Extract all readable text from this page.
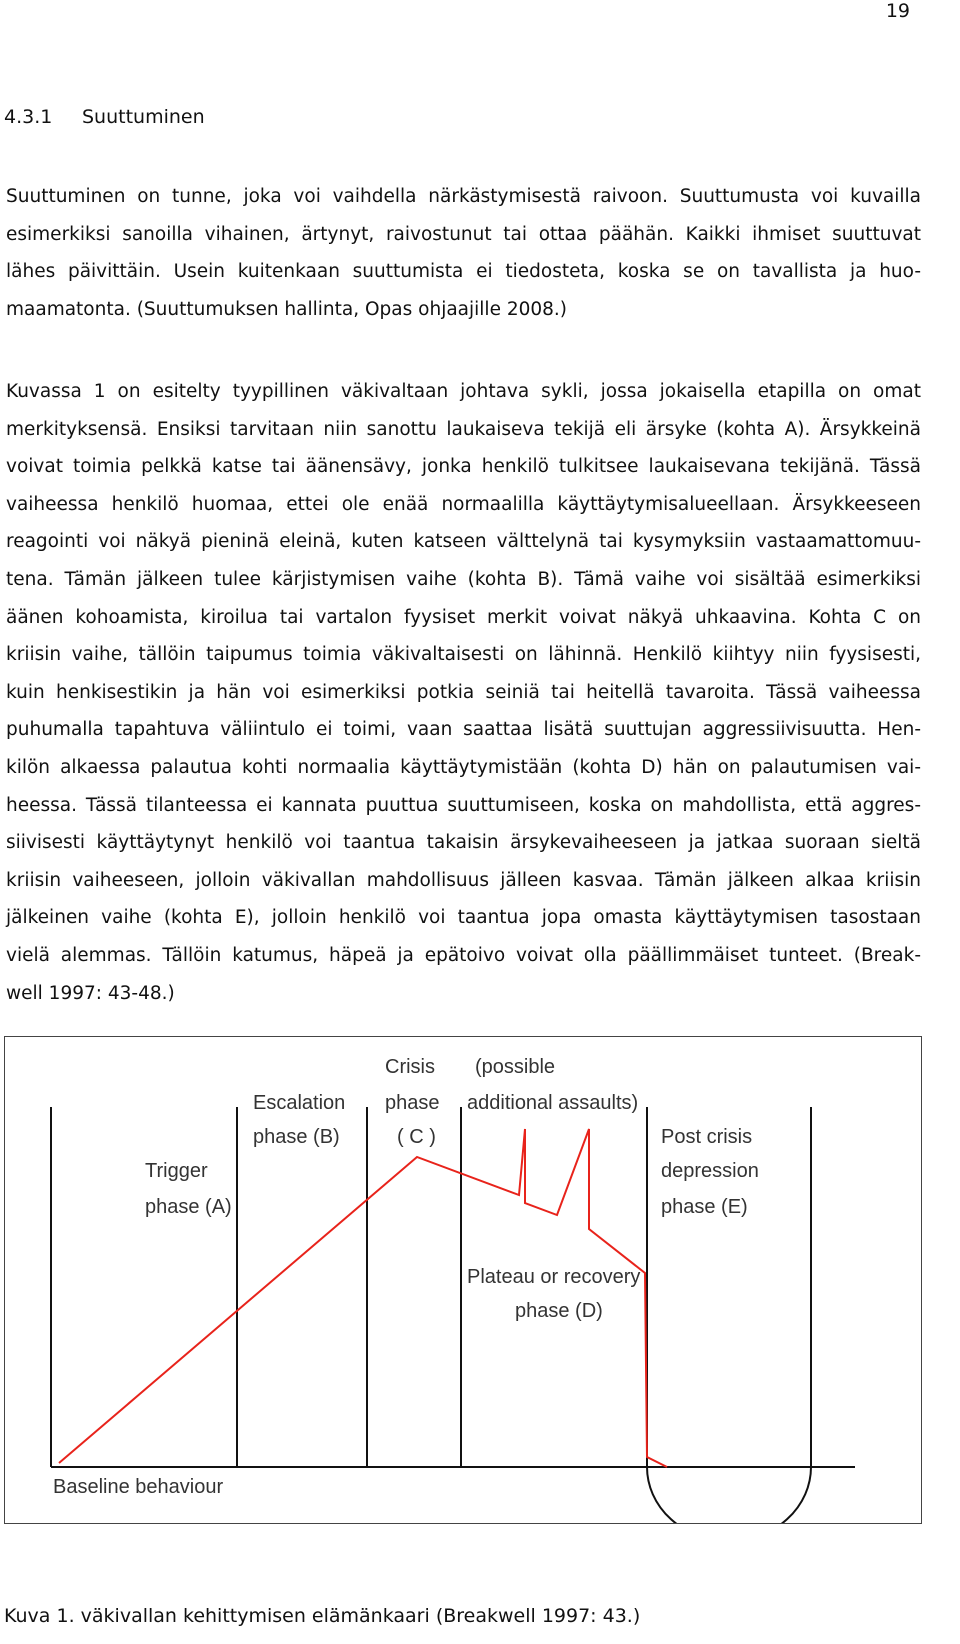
19
4.3.1 Suuttuminen
Suuttuminen on tunne, joka voi vaihdella närkästymisestä raivoon. Suuttumusta voi kuvailla
esimerkiksi sanoilla vihainen, ärtynyt, raivostunut tai ottaa päähän. Kaikki ihmiset suuttuvat
lähes päivittäin. Usein kuitenkaan suuttumista ei tiedosteta, koska se on tavallista ja huo-
maamatonta. (Suuttumuksen hallinta, Opas ohjaajille 2008.)
Kuvassa 1 on esitelty tyypillinen väkivaltaan johtava sykli, jossa jokaisella etapilla on omat
merkityksensä. Ensiksi tarvitaan niin sanottu laukaiseva tekijä eli ärsyke (kohta A). Ärsykkeinä
voivat toimia pelkkä katse tai äänensävy, jonka henkilö tulkitsee laukaisevana tekijänä. Tässä
vaiheessa henkilö huomaa, ettei ole enää normaalilla käyttäytymisalueellaan. Ärsykkeeseen
reagointi voi näkyä pieninä eleinä, kuten katseen välttelynä tai kysymyksiin vastaamattomuu-
tena. Tämän jälkeen tulee kärjistymisen vaihe (kohta B). Tämä vaihe voi sisältää esimerkiksi
äänen kohoamista, kiroilua tai vartalon fyysiset merkit voivat näkyä uhkaavina. Kohta C on
kriisin vaihe, tällöin taipumus toimia väkivaltaisesti on lähinnä. Henkilö kiihtyy niin fyysisesti,
kuin henkisestikin ja hän voi esimerkiksi potkia seiniä tai heitellä tavaroita. Tässä vaiheessa
puhumalla tapahtuva väliintulo ei toimi, vaan saattaa lisätä suuttujan aggressiivisuutta. Hen-
kilön alkaessa palautua kohti normaalia käyttäytymistään (kohta D) hän on palautumisen vai-
heessa. Tässä tilanteessa ei kannata puuttua suuttumiseen, koska on mahdollista, että aggres-
siivisesti käyttäytynyt henkilö voi taantua takaisin ärsykevaiheeseen ja jatkaa suoraan sieltä
kriisin vaiheeseen, jolloin väkivallan mahdollisuus jälleen kasvaa. Tämän jälkeen alkaa kriisin
jälkeinen vaihe (kohta E), jolloin henkilö voi taantua jopa omasta käyttäytymisen tasostaan
vielä alemmas. Tällöin katumus, häpeä ja epätoivo voivat olla päällimmäiset tunteet. (Break-
well 1997: 43-48.)
Trigger
phase (A)
Escalation
phase (B)
Crisis
phase
( C )
(possible
additional assaults)
Post crisis
depression
phase (E)
Plateau or recovery
phase (D)
Baseline behaviour
Kuva 1. väkivallan kehittymisen elämänkaari (Breakwell 1997: 43.)
